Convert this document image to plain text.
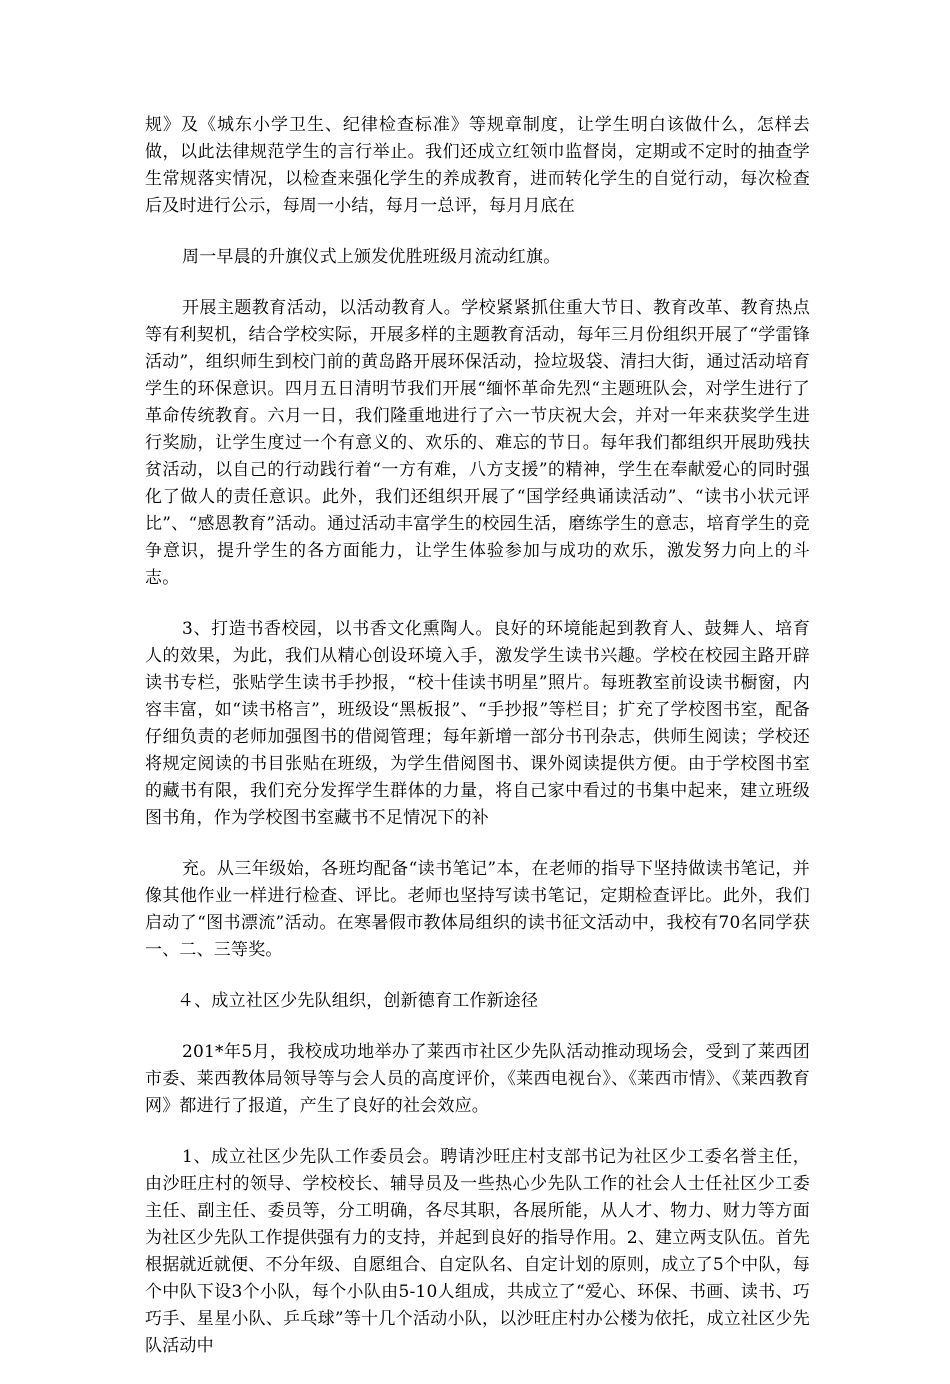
规》及《城东小学卫生、纪律检查标准》等规章制度，让学生明白该做什么，怎样去做，以此法律规范学生的言行举止。我们还成立红领巾监督岗，定期或不定时的抽查学生常规落实情况，以检查来强化学生的养成教育，进而转化学生的自觉行动，每次检查后及时进行公示，每周一小结，每月一总评，每月月底在

周一早晨的升旗仪式上颁发优胜班级月流动红旗。

开展主题教育活动，以活动教育人。学校紧紧抓住重大节日、教育改革、教育热点等有利契机，结合学校实际，开展多样的主题教育活动，每年三月份组织开展了“学雷锋活动”，组织师生到校门前的黄岛路开展环保活动，捡垃圾袋、清扫大街，通过活动培育学生的环保意识。四月五日清明节我们开展“缅怀革命先烈“主题班队会，对学生进行了革命传统教育。六月一日，我们隆重地进行了六一节庆祝大会，并对一年来获奖学生进行奖励，让学生度过一个有意义的、欢乐的、难忘的节日。每年我们都组织开展助残扶贫活动，以自己的行动践行着“一方有难，八方支援”的精神，学生在奉献爱心的同时强化了做人的责任意识。此外，我们还组织开展了“国学经典诵读活动”、“读书小状元评比”、“感恩教育”活动。通过活动丰富学生的校园生活，磨练学生的意志，培育学生的竞争意识，提升学生的各方面能力，让学生体验参加与成功的欢乐，激发努力向上的斗志。

3、打造书香校园，以书香文化熏陶人。良好的环境能起到教育人、鼓舞人、培育人的效果，为此，我们从精心创设环境入手，激发学生读书兴趣。学校在校园主路开辟读书专栏，张贴学生读书手抄报，“校十佳读书明星”照片。每班教室前设读书橱窗，内容丰富，如“读书格言”，班级设“黑板报”、“手抄报”等栏目；扩充了学校图书室，配备仔细负责的老师加强图书的借阅管理；每年新增一部分书刊杂志，供师生阅读；学校还将规定阅读的书目张贴在班级，为学生借阅图书、课外阅读提供方便。由于学校图书室的藏书有限，我们充分发挥学生群体的力量，将自己家中看过的书集中起来，建立班级图书角，作为学校图书室藏书不足情况下的补

充。从三年级始，各班均配备“读书笔记”本，在老师的指导下坚持做读书笔记，并像其他作业一样进行检查、评比。老师也坚持写读书笔记，定期检查评比。此外，我们启动了“图书漂流”活动。在寒暑假市教体局组织的读书征文活动中，我校有70名同学获一、二、三等奖。

４、成立社区少先队组织，创新德育工作新途径

201*年5月，我校成功地举办了莱西市社区少先队活动推动现场会，受到了莱西团市委、莱西教体局领导等与会人员的高度评价，《莱西电视台》、《莱西市情》、《莱西教育网》都进行了报道，产生了良好的社会效应。

1、成立社区少先队工作委员会。聘请沙旺庄村支部书记为社区少工委名誉主任，由沙旺庄村的领导、学校校长、辅导员及一些热心少先队工作的社会人士任社区少工委主任、副主任、委员等，分工明确，各尽其职，各展所能，从人才、物力、财力等方面为社区少先队工作提供强有力的支持，并起到良好的指导作用。2、建立两支队伍。首先根据就近就便、不分年级、自愿组合、自定队名、自定计划的原则，成立了5个中队，每个中队下设3个小队，每个小队由5-10人组成，共成立了“爱心、环保、书画、读书、巧巧手、星星小队、乒乓球”等十几个活动小队，以沙旺庄村办公楼为依托，成立社区少先队活动中
